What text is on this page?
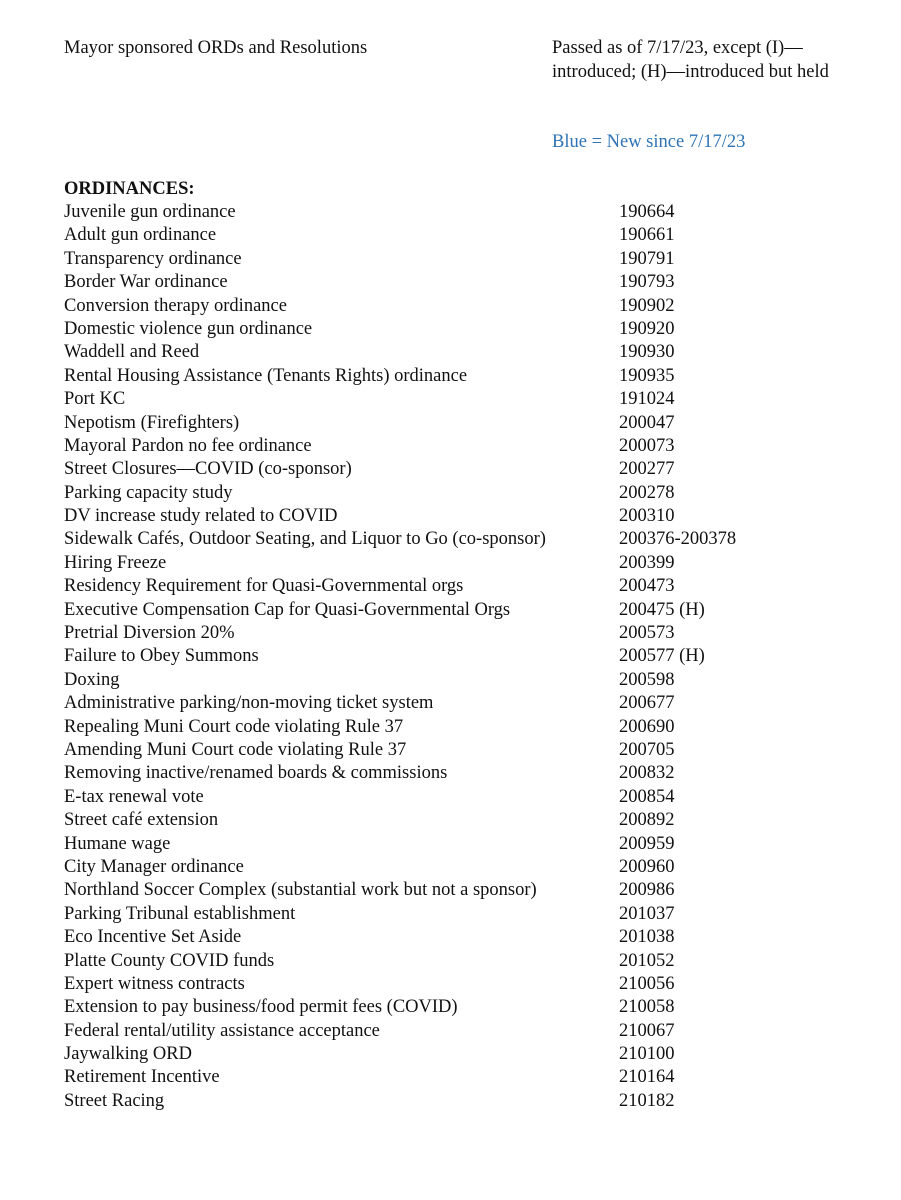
Mayor sponsored ORDs and Resolutions	Passed as of 7/17/23, except (I)—introduced; (H)—introduced but held
Blue = New since 7/17/23
ORDINANCES:
Juvenile gun ordinance	190664
Adult gun ordinance	190661
Transparency ordinance	190791
Border War ordinance	190793
Conversion therapy ordinance	190902
Domestic violence gun ordinance	190920
Waddell and Reed	190930
Rental Housing Assistance (Tenants Rights) ordinance	190935
Port KC	191024
Nepotism (Firefighters)	200047
Mayoral Pardon no fee ordinance	200073
Street Closures—COVID (co-sponsor)	200277
Parking capacity study	200278
DV increase study related to COVID	200310
Sidewalk Cafés, Outdoor Seating, and Liquor to Go (co-sponsor)	200376-200378
Hiring Freeze	200399
Residency Requirement for Quasi-Governmental orgs	200473
Executive Compensation Cap for Quasi-Governmental Orgs	200475 (H)
Pretrial Diversion 20%	200573
Failure to Obey Summons	200577 (H)
Doxing	200598
Administrative parking/non-moving ticket system	200677
Repealing Muni Court code violating Rule 37	200690
Amending Muni Court code violating Rule 37	200705
Removing inactive/renamed boards & commissions	200832
E-tax renewal vote	200854
Street café extension	200892
Humane wage	200959
City Manager ordinance	200960
Northland Soccer Complex (substantial work but not a sponsor)	200986
Parking Tribunal establishment	201037
Eco Incentive Set Aside	201038
Platte County COVID funds	201052
Expert witness contracts	210056
Extension to pay business/food permit fees (COVID)	210058
Federal rental/utility assistance acceptance	210067
Jaywalking ORD	210100
Retirement Incentive	210164
Street Racing	210182
